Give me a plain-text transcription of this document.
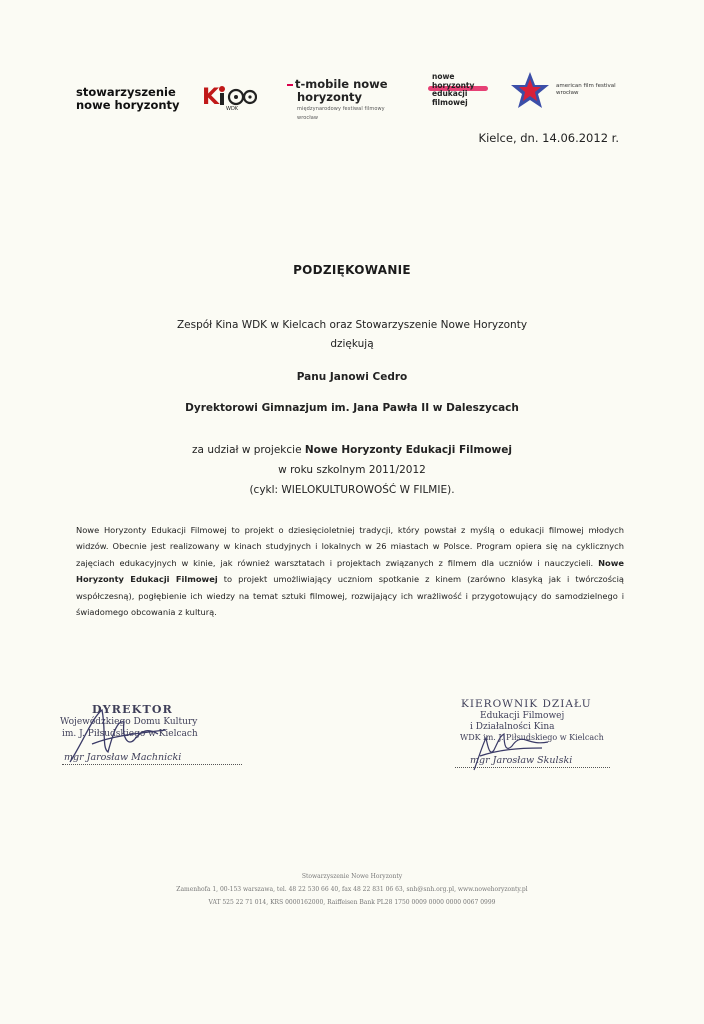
stowarzyszenie
nowe horyzonty K WDK
t-mobile nowe
horyzonty
międzynarodowy festiwal filmowy
wrocław
nowe
horyzonty
edukacji
filmowej
american film festival
wrocław
Kielce, dn. 14.06.2012 r.
PODZIĘKOWANIE
Zespół Kina WDK w Kielcach oraz Stowarzyszenie Nowe Horyzonty
dziękują
Panu Janowi Cedro
Dyrektorowi Gimnazjum im. Jana Pawła II w Daleszycach
za udział w projekcie Nowe Horyzonty Edukacji Filmowej
w roku szkolnym 2011/2012
(cykl: WIELOKULTUROWOŚĆ W FILMIE).
Nowe Horyzonty Edukacji Filmowej to projekt o dziesięcioletniej tradycji, który powstał z myślą o edukacji filmowej młodych widzów. Obecnie jest realizowany w kinach studyjnych i lokalnych w 26 miastach w Polsce. Program opiera się na cyklicznych zajęciach edukacyjnych w kinie, jak również warsztatach i projektach związanych z filmem dla uczniów i nauczycieli. Nowe Horyzonty Edukacji Filmowej to projekt umożliwiający uczniom spotkanie z kinem (zarówno klasyką jak i twórczością współczesną), pogłębienie ich wiedzy na temat sztuki filmowej, rozwijający ich wrażliwość i przygotowujący do samodzielnego i świadomego obcowania z kulturą.
DYREKTOR
Wojewódzkiego Domu Kultury
im. J. Piłsudskiego w Kielcach
mgr Jarosław Machnicki
KIEROWNIK DZIAŁU
Edukacji Filmowej
i Działalności Kina
WDK im. J. Piłsudskiego w Kielcach
mgr Jarosław Skulski
Stowarzyszenie Nowe Horyzonty
Zamenhofa 1, 00-153 warszawa, tel. 48 22 530 66 40, fax 48 22 831 06 63, snh@snh.org.pl, www.nowehoryzonty.pl
VAT 525 22 71 014, KRS 0000162000, Raiffeisen Bank PL28 1750 0009 0000 0000 0067 0999
